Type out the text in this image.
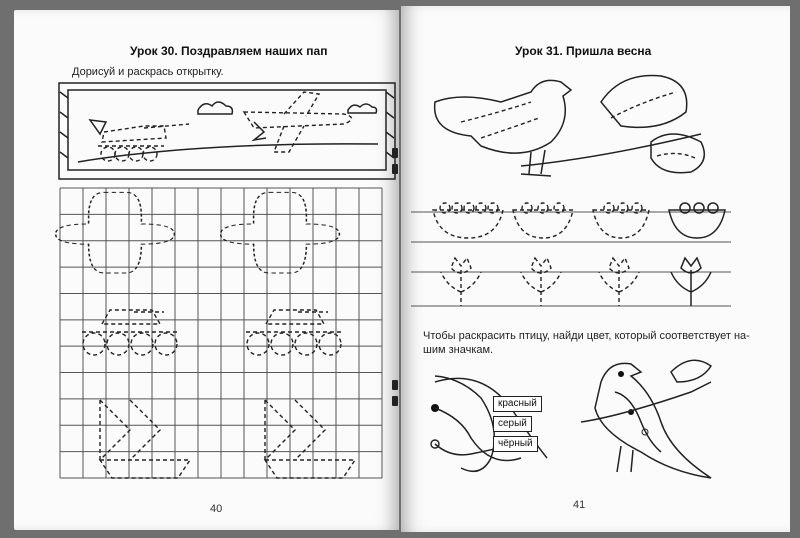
Урок 30. Поздравляем наших пап
Дорисуй и раскрась открытку.
40
Урок 31. Пришла весна
Чтобы раскрасить птицу, найди цвет, который соответствует на-
шим значкам.
красный
серый
чёрный
41
